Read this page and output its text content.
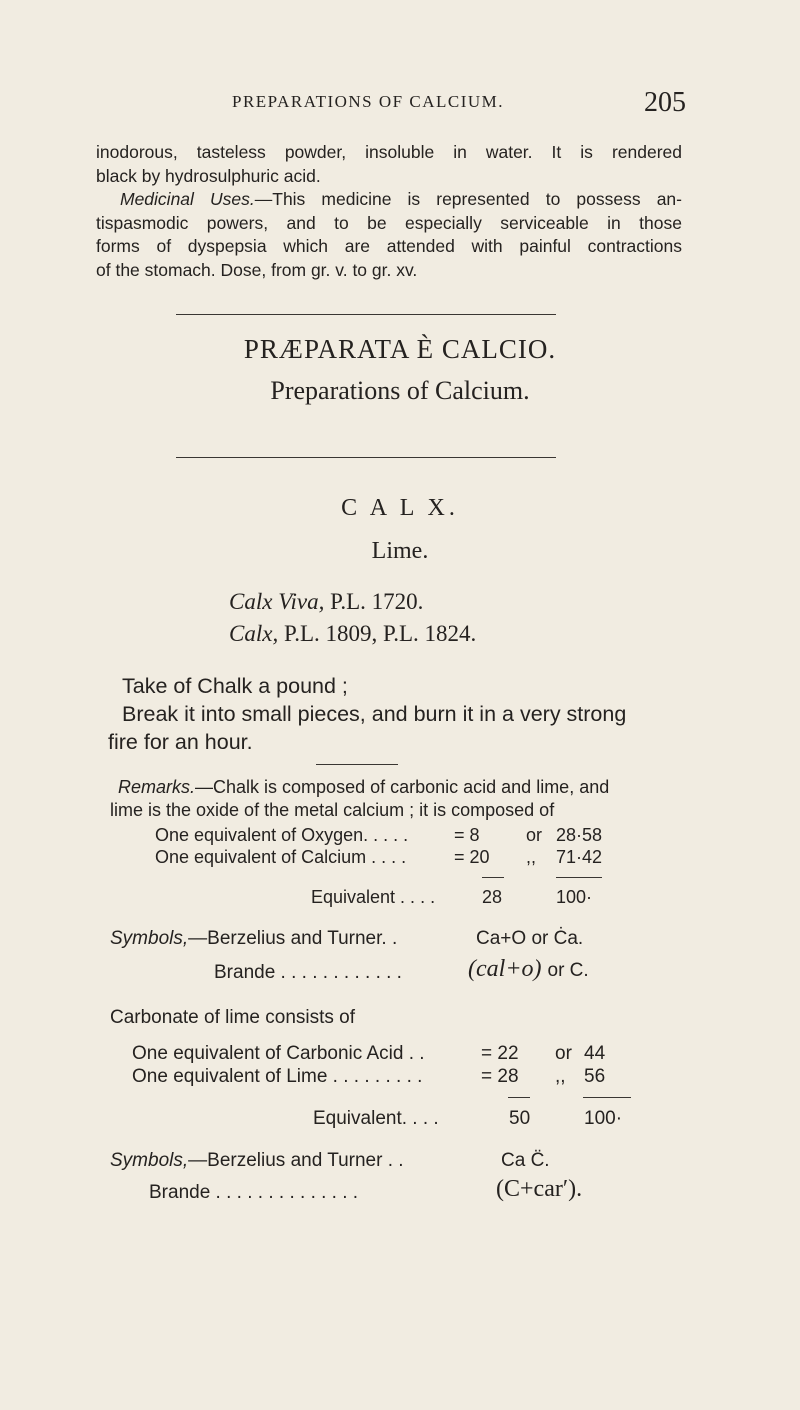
PREPARATIONS OF CALCIUM.	205
inodorous, tasteless powder, insoluble in water. It is rendered
black by hydrosulphuric acid.
Medicinal Uses.—This medicine is represented to possess an-
tispasmodic powers, and to be especially serviceable in those
forms of dyspepsia which are attended with painful contractions
of the stomach. Dose, from gr. v. to gr. xv.
PRÆPARATA È CALCIO.
Preparations of Calcium.
C A L X.
Lime.
Calx Viva, P.L. 1720.
Calx, P.L. 1809, P.L. 1824.
Take of Chalk a pound ;
Break it into small pieces, and burn it in a very strong
fire for an hour.
Remarks.—Chalk is composed of carbonic acid and lime, and
lime is the oxide of the metal calcium ; it is composed of
One equivalent of Oxygen. . . . .	= 8	or 28·58
One equivalent of Calcium . . . .	= 20 ,, 71·42
Equivalent . . . .	28	100·
Symbols,—Berzelius and Turner. .	Ca+O or Ċa.
Brande . . . . . . . . . . . .	(cal+o) or C.
Carbonate of lime consists of
One equivalent of Carbonic Acid . .	= 22 or 44
One equivalent of Lime . . . . . . . . .	= 28 ,, 56
Equivalent. . . .	50	100·
Symbols,—Berzelius and Turner . .	Ca C̈.
Brande . . . . . . . . . . . . . .	(C+car′).
